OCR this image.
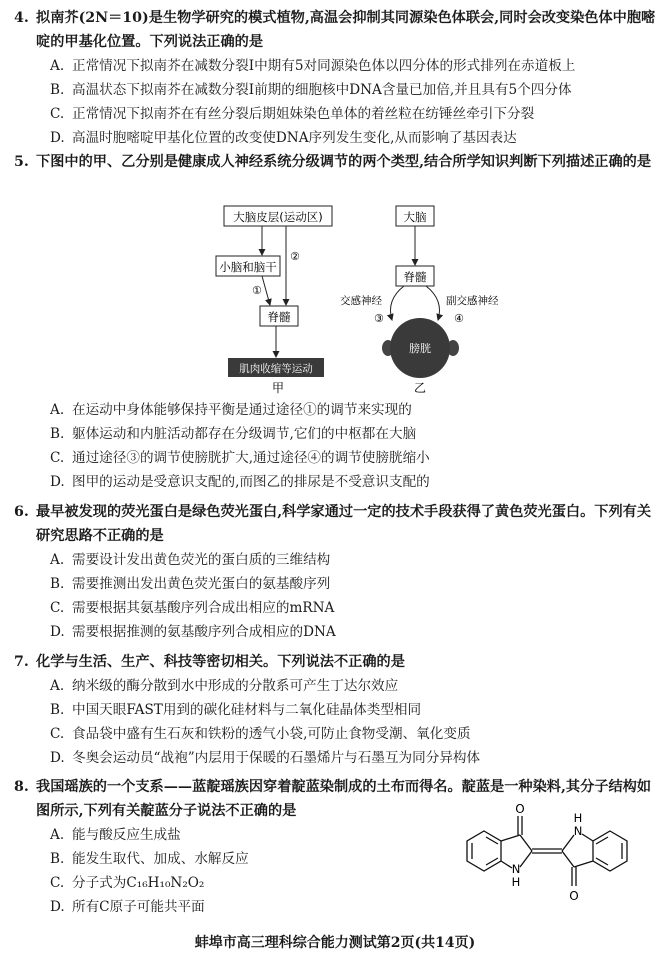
4. 拟南芥(2N＝10)是生物学研究的模式植物,高温会抑制其同源染色体联会,同时会改变染色体中胞嘧啶的甲基化位置。下列说法正确的是
A. 正常情况下拟南芥在减数分裂Ⅰ中期有5对同源染色体以四分体的形式排列在赤道板上
B. 高温状态下拟南芥在减数分裂Ⅰ前期的细胞核中DNA含量已加倍,并且具有5个四分体
C. 正常情况下拟南芥在有丝分裂后期姐妹染色单体的着丝粒在纺锤丝牵引下分裂
D. 高温时胞嘧啶甲基化位置的改变使DNA序列发生变化,从而影响了基因表达
5. 下图中的甲、乙分别是健康成人神经系统分级调节的两个类型,结合所学知识判断下列描述正确的是
大脑皮层(运动区)
小脑和脑干
脊髓
肌肉收缩等运动
①
②
甲
大脑
脊髓
交感神经	副交感神经
③	④
膀胱
乙
A. 在运动中身体能够保持平衡是通过途径①的调节来实现的
B. 躯体运动和内脏活动都存在分级调节,它们的中枢都在大脑
C. 通过途径③的调节使膀胱扩大,通过途径④的调节使膀胱缩小
D. 图甲的运动是受意识支配的,而图乙的排尿是不受意识支配的
6. 最早被发现的荧光蛋白是绿色荧光蛋白,科学家通过一定的技术手段获得了黄色荧光蛋白。下列有关研究思路不正确的是
A. 需要设计发出黄色荧光的蛋白质的三维结构
B. 需要推测出发出黄色荧光蛋白的氨基酸序列
C. 需要根据其氨基酸序列合成出相应的mRNA
D. 需要根据推测的氨基酸序列合成相应的DNA
7. 化学与生活、生产、科技等密切相关。下列说法不正确的是
A. 纳米级的酶分散到水中形成的分散系可产生丁达尔效应
B. 中国天眼FAST用到的碳化硅材料与二氧化硅晶体类型相同
C. 食品袋中盛有生石灰和铁粉的透气小袋,可防止食物受潮、氧化变质
D. 冬奥会运动员“战袍”内层用于保暖的石墨烯片与石墨互为同分异构体
8. 我国瑶族的一个支系——蓝靛瑶族因穿着靛蓝染制成的土布而得名。靛蓝是一种染料,其分子结构如图所示,下列有关靛蓝分子说法不正确的是
A. 能与酸反应生成盐
B. 能发生取代、加成、水解反应
C. 分子式为C₁₆H₁₀N₂O₂
D. 所有C原子可能共平面
O
O
N
H
H
N
蚌埠市高三理科综合能力测试第2页(共14页)
